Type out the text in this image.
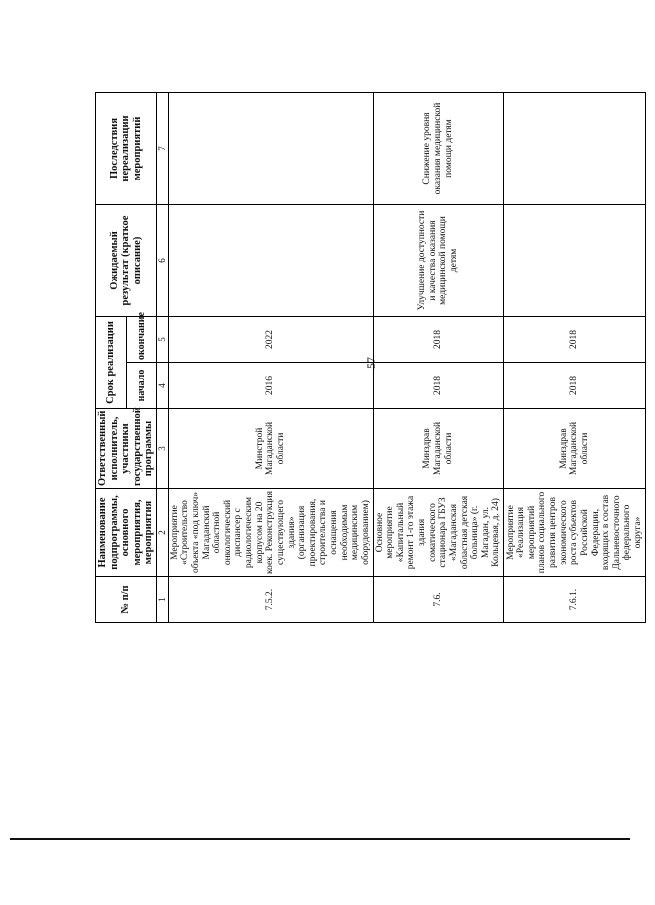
57
№ п/п	Наименование подпрограммы, основного мероприятия, мероприятия	Ответственный исполнитель, участники государственной программы	Срок реализации		Ожидаемый результат (краткое описание)	Последствия нереализации мероприятий
			начало	окончание		
1	2	3	4	5	6	7
7.5.2.	Мероприятие «Строительство объекта «под ключ» Магаданский областной онкологический диспансер с радиологическим корпусом на 20 коек. Реконструкция существующего здания» (организация проектирования, строительства и оснащения необходимым медицинским оборудованием)	Минстрой Магаданской области	2016	2022		
7.6.	Основное мероприятие «Капитальный ремонт 1-го этажа здания соматического стационара ГБУЗ «Магаданская областная детская больница» (г. Магадан, ул. Кольцевая, д. 24)	Минздрав Магаданской области	2018	2018	Улучшение доступности и качества оказания медицинской помощи детям	Снижение уровня оказания медицинской помощи детям
7.6.1.	Мероприятие «Реализация мероприятий планов социального развития центров экономического роста субъектов Российской Федерации, входящих в состав Дальневосточного федерального округа»	Минздрав Магаданской области	2018	2018		
